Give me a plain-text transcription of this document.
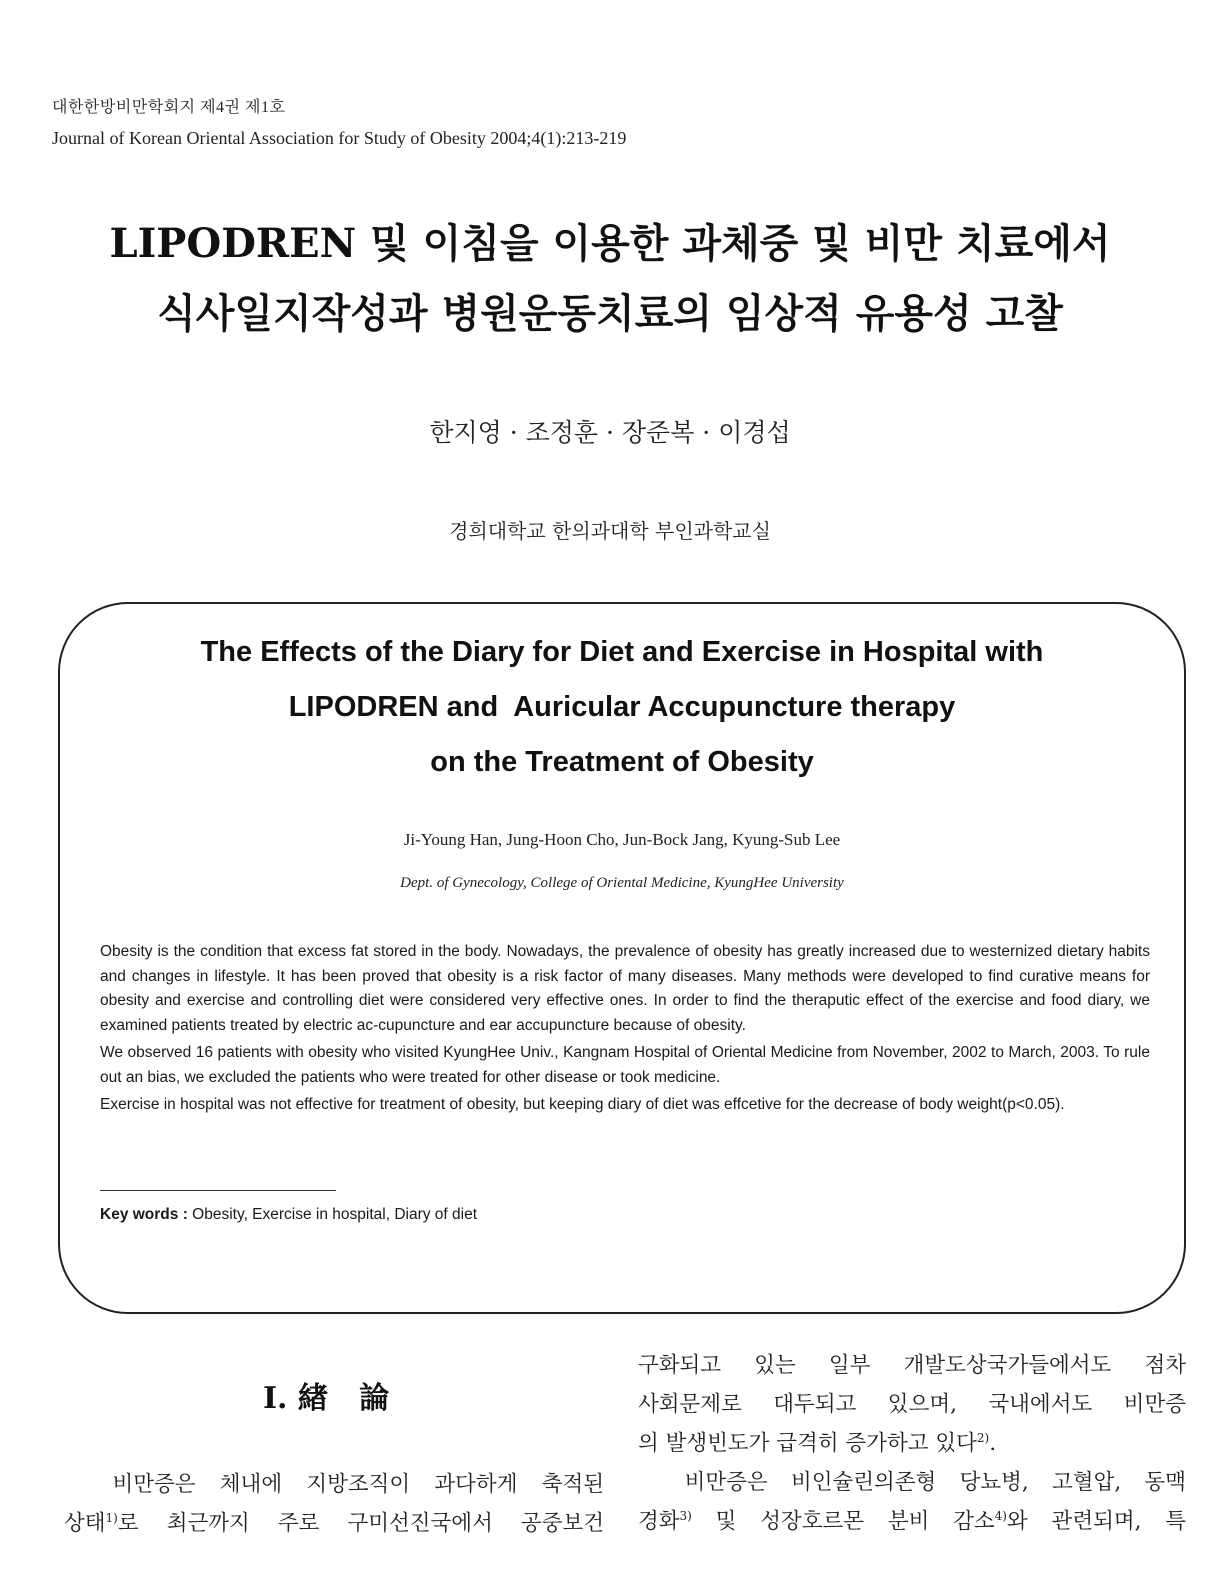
대한한방비만학회지 제4권 제1호
Journal of Korean Oriental Association for Study of Obesity 2004;4(1):213-219
LIPODREN 및 이침을 이용한 과체중 및 비만 치료에서
식사일지작성과 병원운동치료의 임상적 유용성 고찰
한지영 · 조정훈 · 장준복 · 이경섭
경희대학교 한의과대학 부인과학교실
The Effects of the Diary for Diet and Exercise in Hospital with
LIPODREN and  Auricular Accupuncture therapy
on the Treatment of Obesity
Ji-Young Han, Jung-Hoon Cho, Jun-Bock Jang, Kyung-Sub Lee
Dept. of Gynecology, College of Oriental Medicine, KyungHee University

Obesity is the condition that excess fat stored in the body. Nowadays, the prevalence of obesity has greatly increased due to westernized dietary habits and changes in lifestyle. It has been proved that obesity is a risk factor of many diseases. Many methods were developed to find curative means for obesity and exercise and controlling diet were considered very effective ones. In order to find the theraputic effect of the exercise and food diary, we examined patients treated by electric ac-cupuncture and ear accupuncture because of obesity.

We observed 16 patients with obesity who visited KyungHee Univ., Kangnam Hospital of Oriental Medicine from November, 2002 to March, 2003. To rule out an bias, we excluded the patients who were treated for other disease or took medicine.

Exercise in hospital was not effective for treatment of obesity, but keeping diary of diet was effcetive for the decrease of body weight(p<0.05).

Key words : Obesity, Exercise in hospital, Diary of diet
Ⅰ. 緖   論
비만증은 체내에 지방조직이 과다하게 축적된
상태$^{1)}$로 최근까지 주로 구미선진국에서 공중보건
구화되고 있는 일부 개발도상국가들에서도 점차
사회문제로 대두되고 있으며, 국내에서도 비만증
의 발생빈도가 급격히 증가하고 있다$^{2)}$.
비만증은 비인슐린의존형 당뇨병, 고혈압, 동맥
경화$^{3)}$ 및 성장호르몬 분비 감소$^{4)}$와 관련되며, 특
